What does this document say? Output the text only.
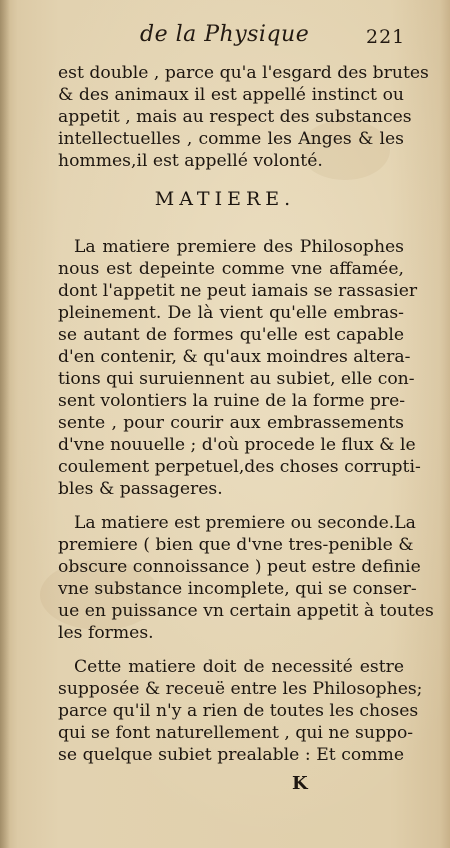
de la Physique	221
est double , parce qu'a l'esgard des brutes
& des animaux il est appellé instinct ou
appetit , mais au respect des substances
intellectuelles , comme les Anges & les
hommes,il est appellé volonté.
MATIERE.
La matiere premiere des Philosophes
nous est depeinte comme vne affamée,
dont l'appetit ne peut iamais se rassasier
pleinement. De là vient qu'elle embras-
se autant de formes qu'elle est capable
d'en contenir, & qu'aux moindres altera-
tions qui suruiennent au subiet, elle con-
sent volontiers la ruine de la forme pre-
sente , pour courir aux embrassements
d'vne nouuelle ; d'où procede le flux & le
coulement perpetuel,des choses corrupti-
bles & passageres.
La matiere est premiere ou seconde.La
premiere ( bien que d'vne tres-penible &
obscure connoissance ) peut estre definie
vne substance incomplete, qui se conser-
ue en puissance vn certain appetit à toutes
les formes.
Cette matiere doit de necessité estre
supposée & receuë entre les Philosophes;
parce qu'il n'y a rien de toutes les choses
qui se font naturellement , qui ne suppo-
se quelque subiet prealable : Et comme
K
